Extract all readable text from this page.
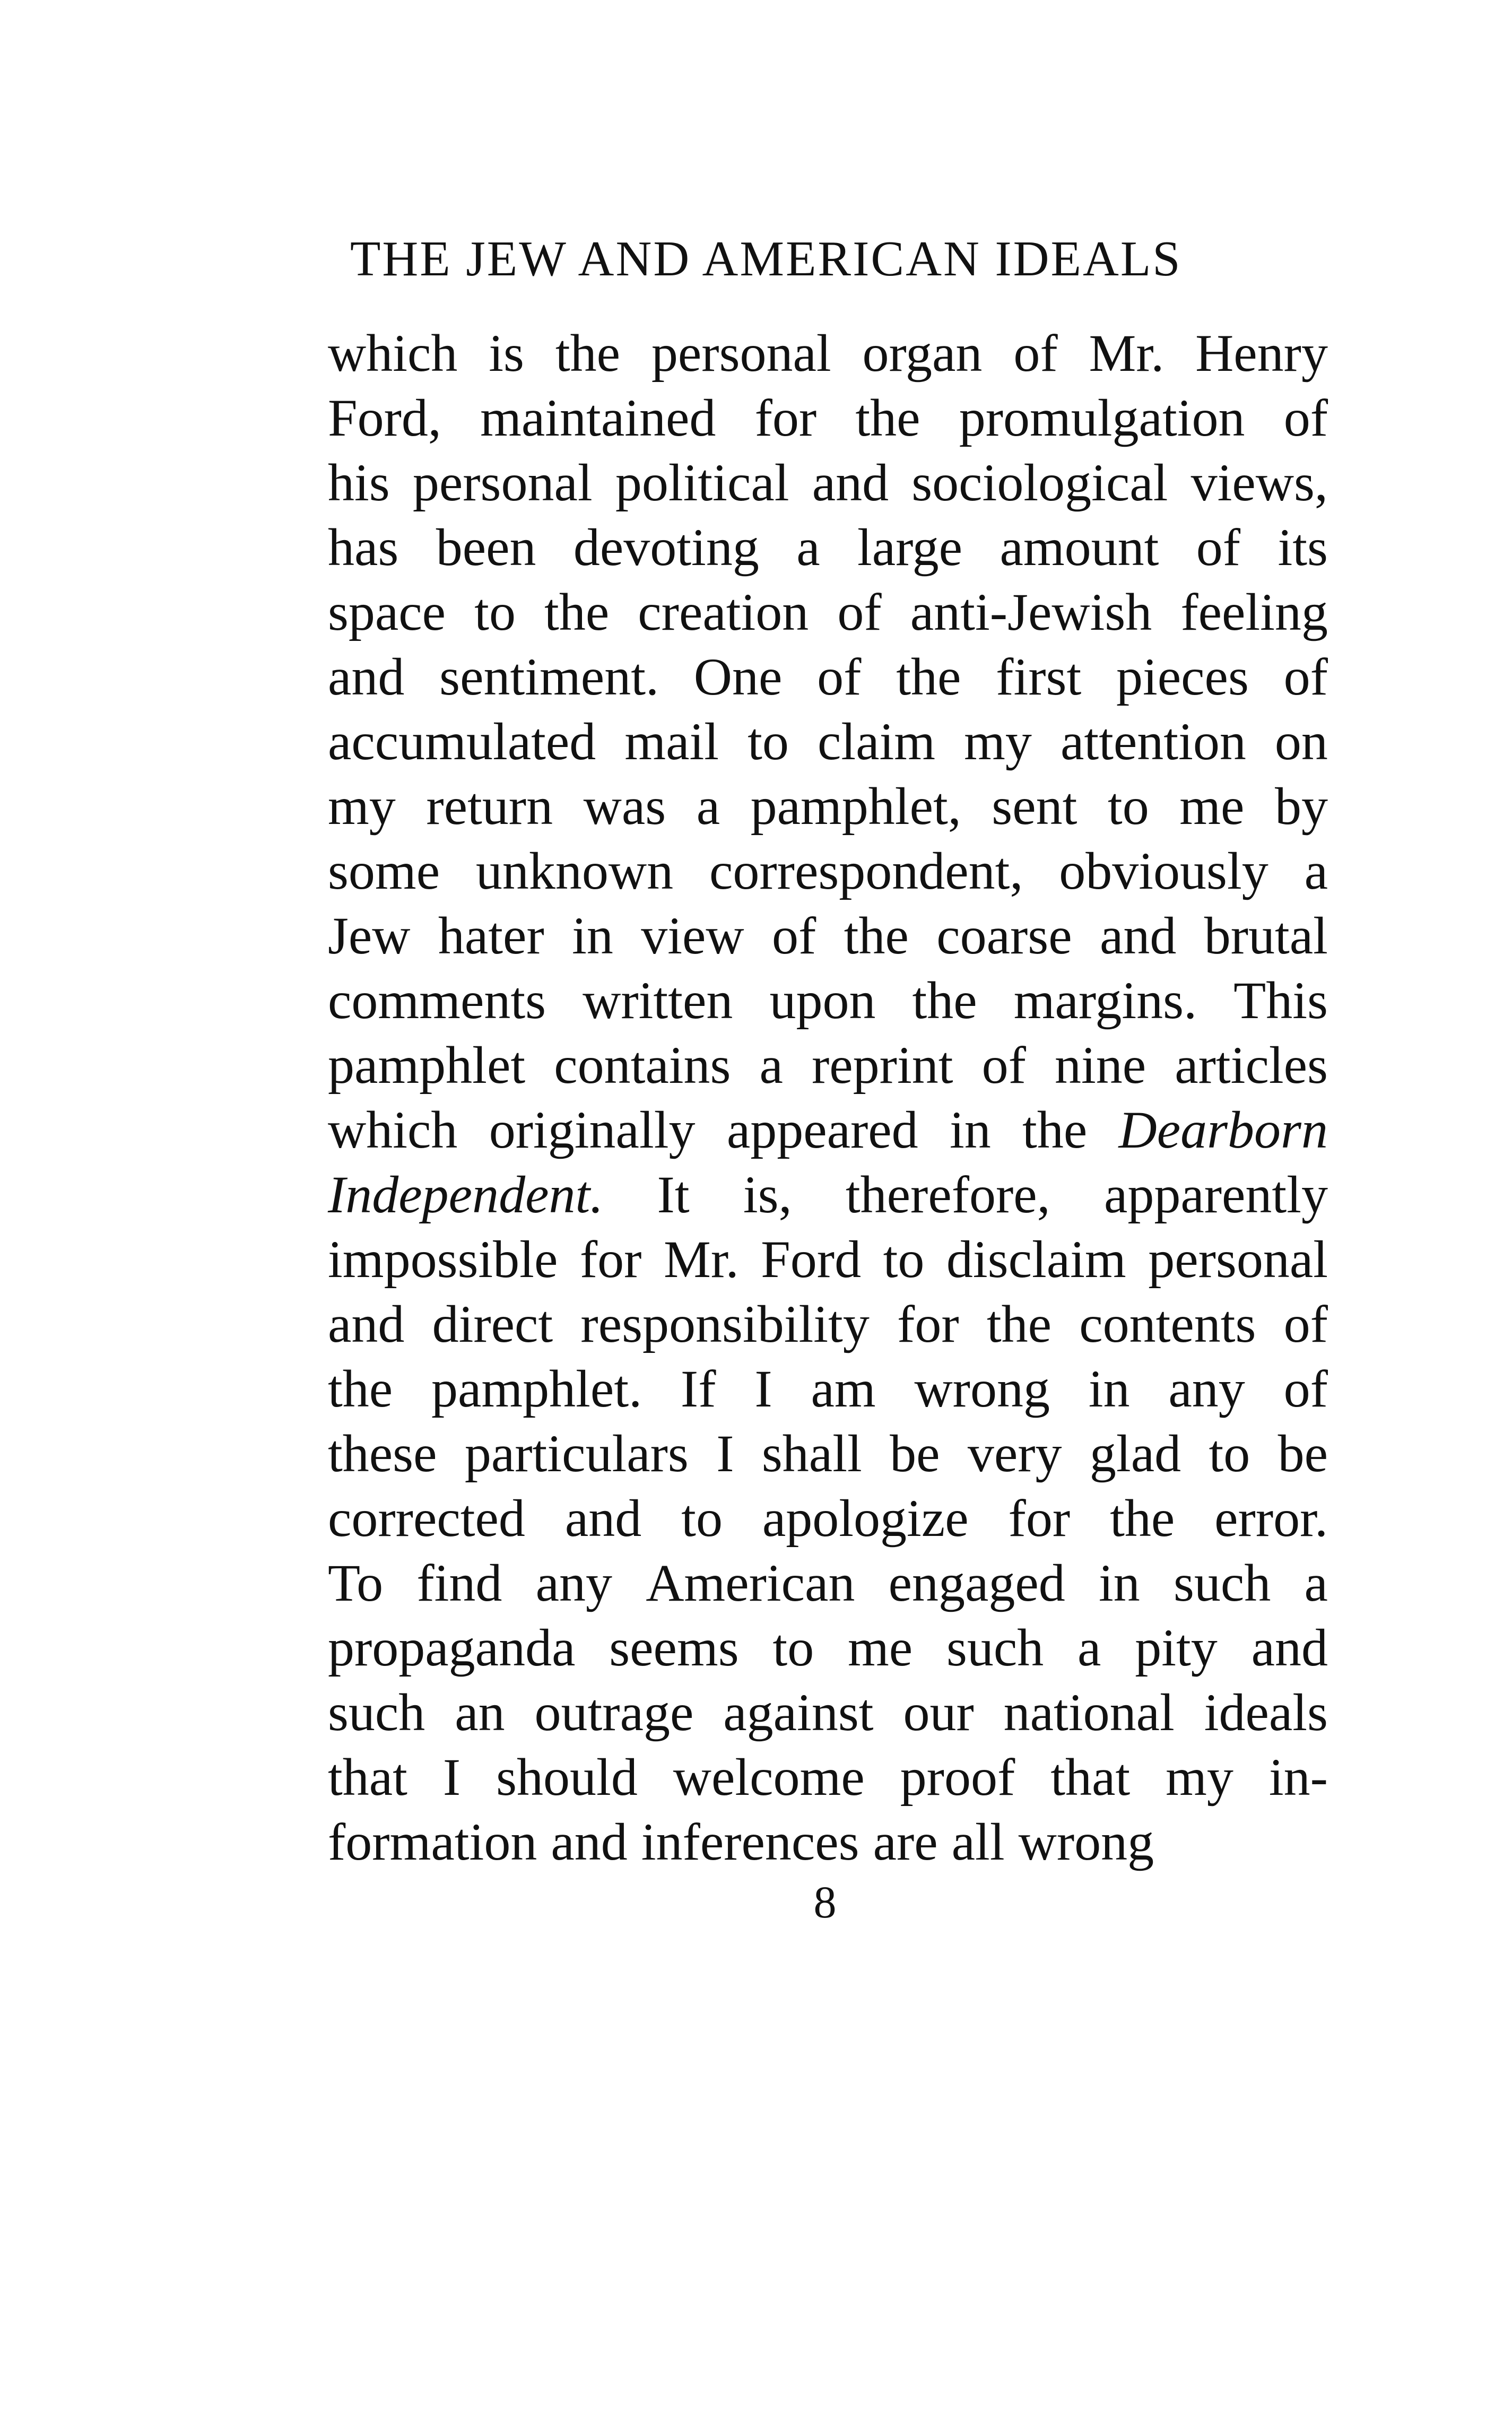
THE JEW AND AMERICAN IDEALS
which is the personal organ of Mr. Henry
Ford, maintained for the promulgation of
his personal political and sociological views,
has been devoting a large amount of its
space to the creation of anti-Jewish feeling
and sentiment. One of the first pieces of
accumulated mail to claim my attention on
my return was a pamphlet, sent to me by
some unknown correspondent, obviously a
Jew hater in view of the coarse and brutal
comments written upon the margins. This
pamphlet contains a reprint of nine articles
which originally appeared in the Dearborn
Independent. It is, therefore, apparently
impossible for Mr. Ford to disclaim personal
and direct responsibility for the contents of
the pamphlet. If I am wrong in any of
these particulars I shall be very glad to be
corrected and to apologize for the error.
To find any American engaged in such a
propaganda seems to me such a pity and
such an outrage against our national ideals
that I should welcome proof that my in-
formation and inferences are all wrong
8
